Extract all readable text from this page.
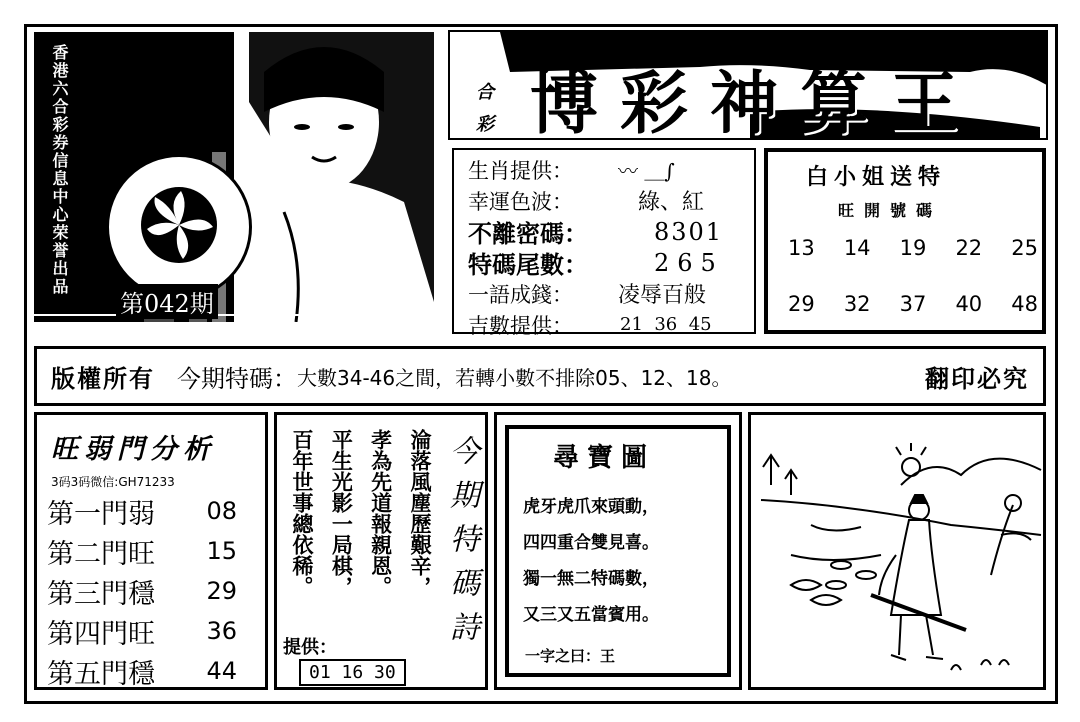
香港六合彩券信息中心荣誉出品	HONGKONG
第042期
六
合
彩 博彩神算王
生肖提供：	〰 ＿∫
幸運色波：	綠、紅
不離密碼：	8301
特碼尾數：	265
一語成錢：	凌辱百般
吉數提供：	21  36  45
白小姐送特
旺開號碼
13 14 19 22 25
29 32 37 40 48
版權所有 今期特碼： 大數34-46之間，若轉小數不排除05、12、18。	翻印必究
旺弱門分析
3码3码微信:GH71233
第一門弱 08
第二門旺 15
第三門穩 29
第四門旺 36
第五門穩 44
淪落風塵歷艱辛，
孝為先道報親恩。
平生光影一局棋，
百年世事總依稀。	今期特碼詩
提供：
01 16 30
尋寶圖
虎牙虎爪來頭動，
四四重合雙見喜。
獨一無二特碼數，
又三又五當賓用。
一字之曰：王
